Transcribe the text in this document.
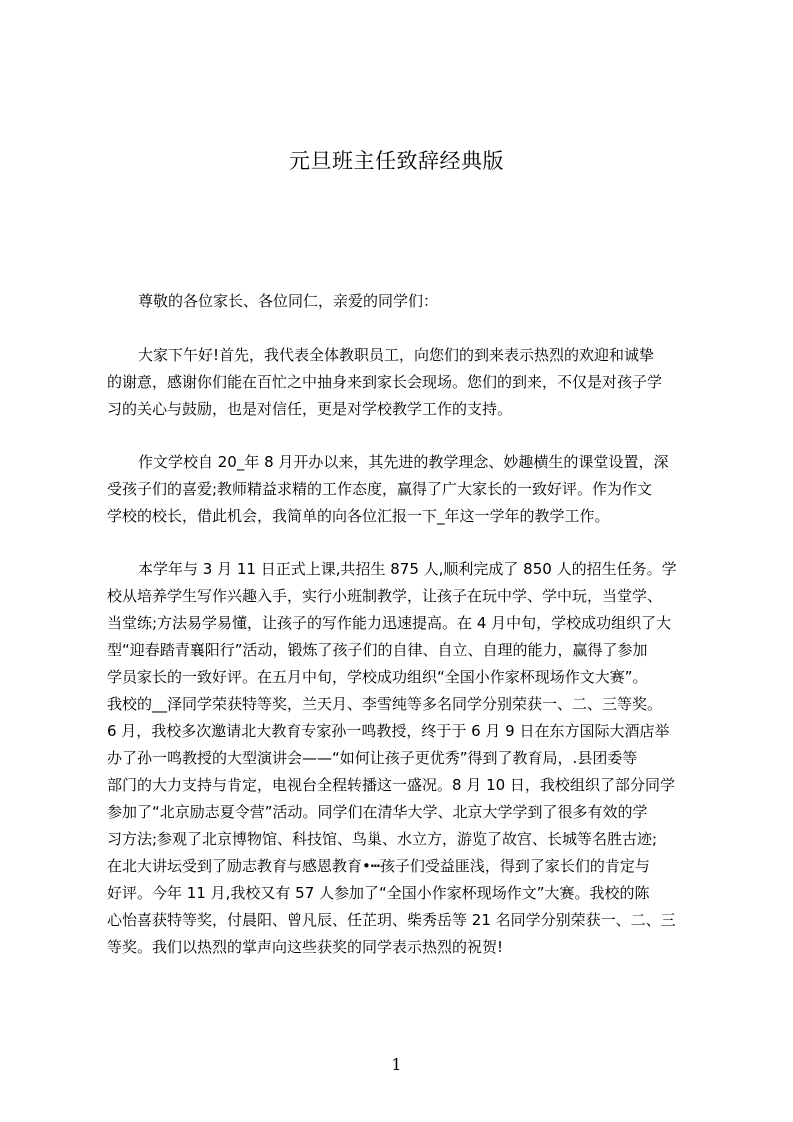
元旦班主任致辞经典版
尊敬的各位家长、各位同仁，亲爱的同学们：
大家下午好!首先，我代表全体教职员工，向您们的到来表示热烈的欢迎和诚挚
的谢意，感谢你们能在百忙之中抽身来到家长会现场。您们的到来，不仅是对孩子学
习的关心与鼓励，也是对信任，更是对学校教学工作的支持。
作文学校自 20_年 8 月开办以来，其先进的教学理念、妙趣横生的课堂设置，深
受孩子们的喜爱;教师精益求精的工作态度，赢得了广大家长的一致好评。作为作文
学校的校长，借此机会，我简单的向各位汇报一下_年这一学年的教学工作。
本学年与 3 月 11 日正式上课,共招生 875 人,顺利完成了 850 人的招生任务。学
校从培养学生写作兴趣入手，实行小班制教学，让孩子在玩中学、学中玩，当堂学、
当堂练;方法易学易懂，让孩子的写作能力迅速提高。在 4 月中旬，学校成功组织了大
型“迎春踏青襄阳行”活动，锻炼了孩子们的自律、自立、自理的能力，赢得了参加
学员家长的一致好评。在五月中旬，学校成功组织“全国小作家杯现场作文大赛”。
我校的__泽同学荣获特等奖，兰天月、李雪纯等多名同学分别荣获一、二、三等奖。
6 月，我校多次邀请北大教育专家孙一鸣教授，终于于 6 月 9 日在东方国际大酒店举
办了孙一鸣教授的大型演讲会——“如何让孩子更优秀”得到了教育局，.县团委等
部门的大力支持与肯定，电视台全程转播这一盛况。8 月 10 日，我校组织了部分同学
参加了“北京励志夏令营”活动。同学们在清华大学、北京大学学到了很多有效的学
习方法;参观了北京博物馆、科技馆、鸟巢、水立方，游览了故宫、长城等名胜古迹;
在北大讲坛受到了励志教育与感恩教育•┅孩子们受益匪浅，得到了家长们的肯定与
好评。今年 11 月,我校又有 57 人参加了“全国小作家杯现场作文”大赛。我校的陈
心怡喜获特等奖，付晨阳、曾凡辰、任芷玥、柴秀岳等 21 名同学分别荣获一、二、三
等奖。我们以热烈的掌声向这些获奖的同学表示热烈的祝贺!
1
